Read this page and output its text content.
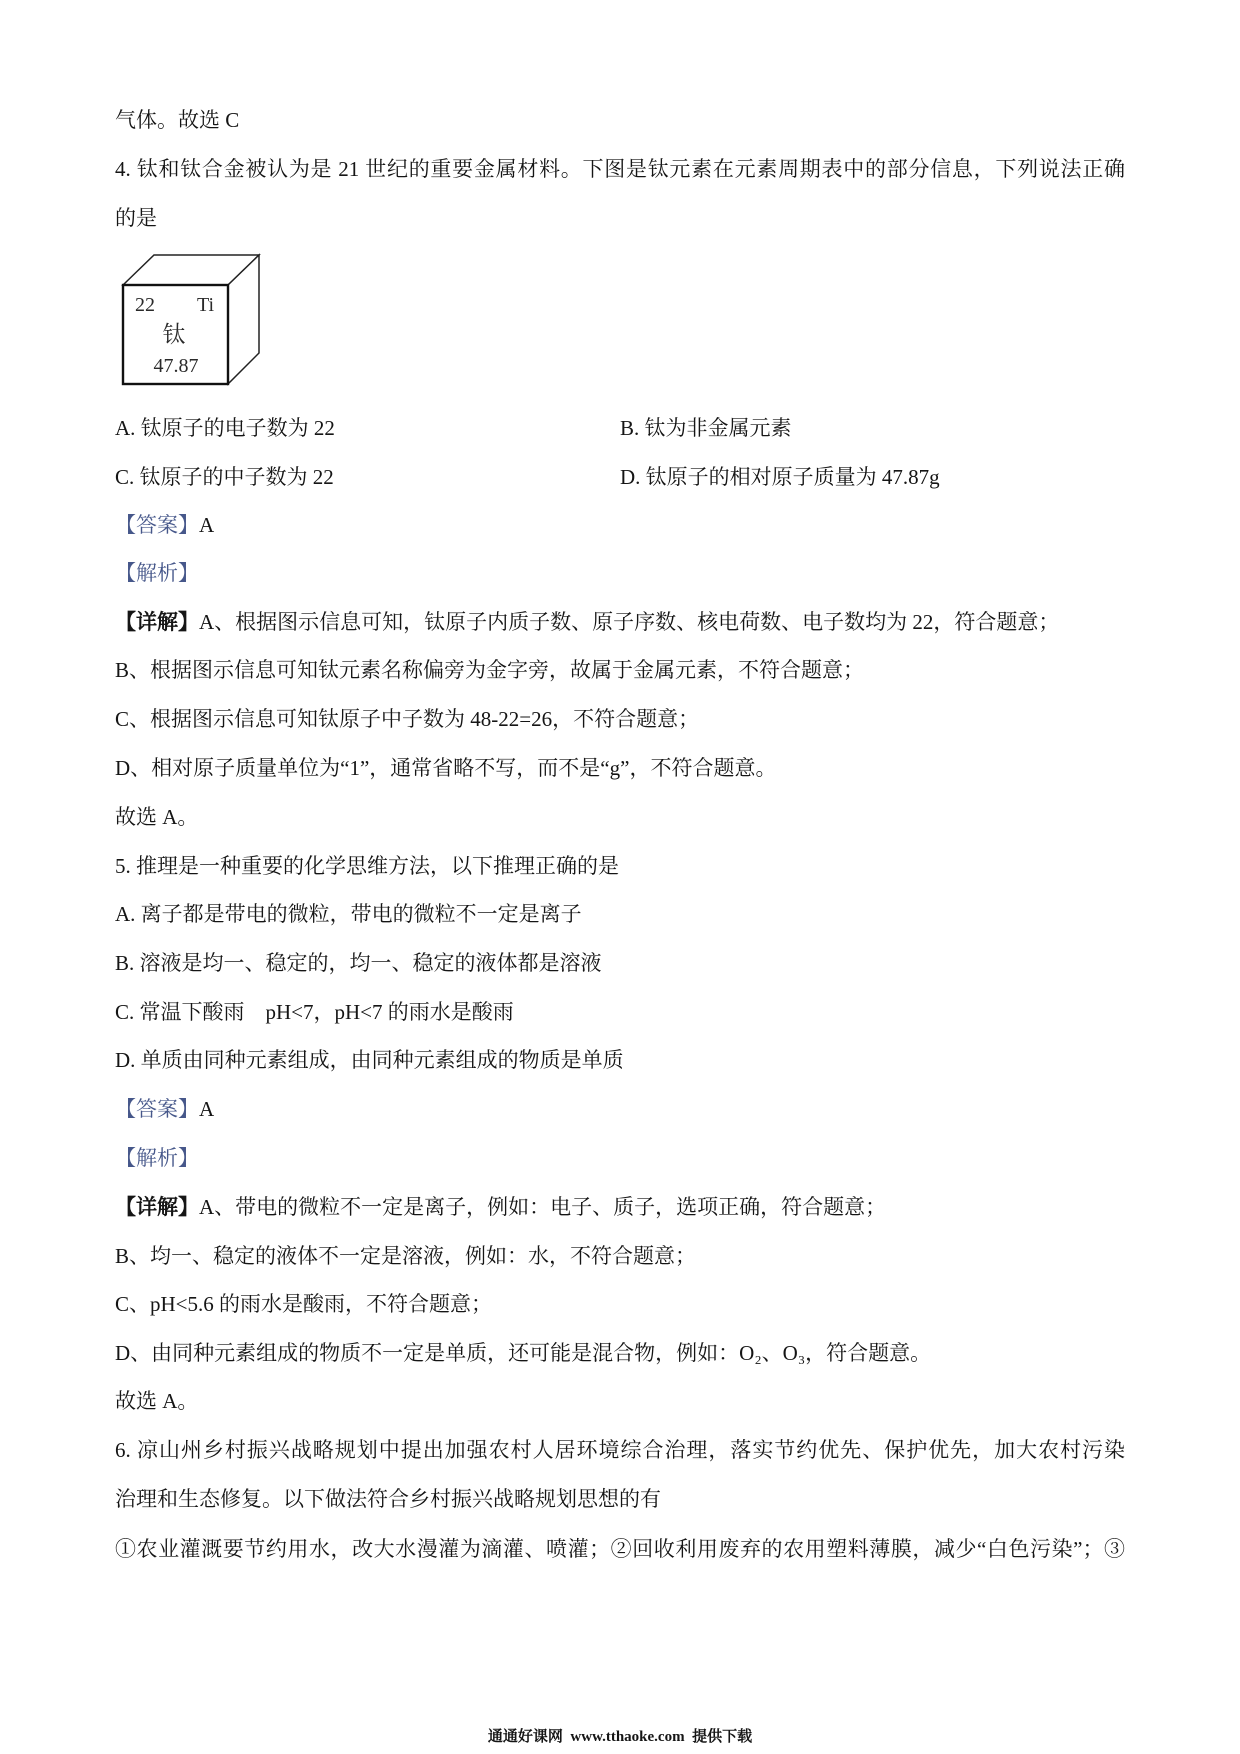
气体。故选 C
4. 钛和钛合金被认为是 21 世纪的重要金属材料。下图是钛元素在元素周期表中的部分信息，下列说法正确
的是
22 Ti
钛
47.87
A. 钛原子的电子数为 22	B. 钛为非金属元素
C. 钛原子的中子数为 22	D. 钛原子的相对原子质量为 47.87g
【答案】A
【解析】
【详解】A、根据图示信息可知，钛原子内质子数、原子序数、核电荷数、电子数均为 22，符合题意；
B、根据图示信息可知钛元素名称偏旁为金字旁，故属于金属元素，不符合题意；
C、根据图示信息可知钛原子中子数为 48-22=26，不符合题意；
D、相对原子质量单位为“1”，通常省略不写，而不是“g”，不符合题意。
故选 A。
5. 推理是一种重要的化学思维方法，以下推理正确的是
A. 离子都是带电的微粒，带电的微粒不一定是离子
B. 溶液是均一、稳定的，均一、稳定的液体都是溶液
C. 常温下酸雨    pH<7，pH<7 的雨水是酸雨
D. 单质由同种元素组成，由同种元素组成的物质是单质
【答案】A
【解析】
【详解】A、带电的微粒不一定是离子，例如：电子、质子，选项正确，符合题意；
B、均一、稳定的液体不一定是溶液，例如：水，不符合题意；
C、pH<5.6 的雨水是酸雨，不符合题意；
D、由同种元素组成的物质不一定是单质，还可能是混合物，例如：O₂、O₃，符合题意。
故选 A。
6. 凉山州乡村振兴战略规划中提出加强农村人居环境综合治理，落实节约优先、保护优先，加大农村污染
治理和生态修复。以下做法符合乡村振兴战略规划思想的有
①农业灌溉要节约用水，改大水漫灌为滴灌、喷灌；②回收利用废弃的农用塑料薄膜，减少“白色污染”；③
通通好课网  www.tthaoke.com  提供下载
